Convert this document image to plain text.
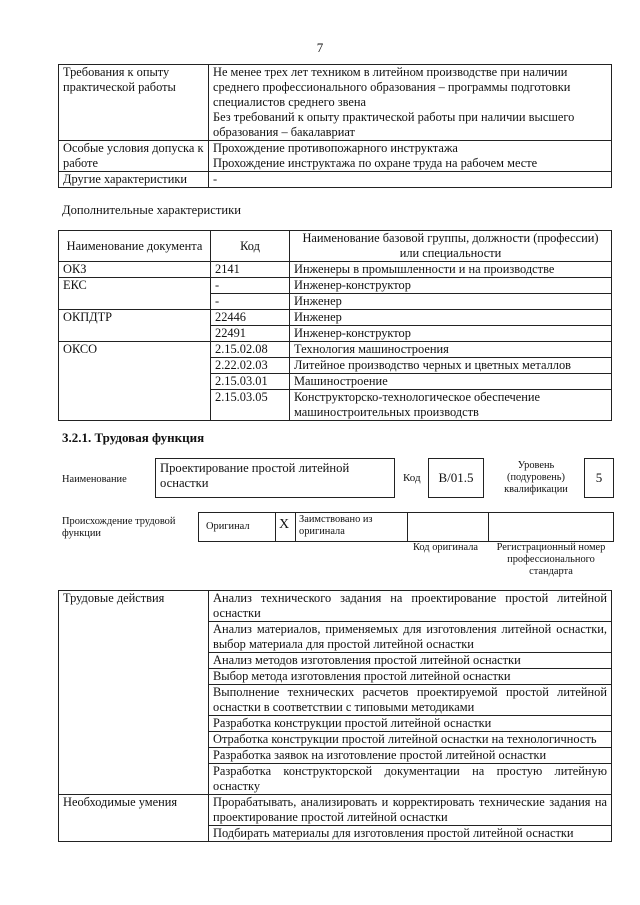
7
Требования к опыту практической работы	Не менее трех лет техником в литейном производстве при наличии среднего профессионального образования – программы подготовки специалистов среднего звена

Без требований к опыту практической работы при наличии высшего образования – бакалавриат

Особые условия допуска к работе	Прохождение противопожарного инструктажа

Прохождение инструктажа по охране труда на рабочем месте

Другие характеристики	-
Дополнительные характеристики
Наименование документа	Код	Наименование базовой группы, должности (профессии) или специальности
ОКЗ	2141	Инженеры в промышленности и на производстве
ЕКС	-	Инженер-конструктор
	-	Инженер
ОКПДТР	22446	Инженер
	22491	Инженер-конструктор
ОКСО	2.15.02.08	Технология машиностроения
	2.22.02.03	Литейное производство черных и цветных металлов
	2.15.03.01	Машиностроение
	2.15.03.05	Конструкторско-технологическое обеспечение машиностроительных производств
3.2.1. Трудовая функция
Наименование
Проектирование простой литейной оснастки	Код	B/01.5
Уровень (подуровень) квалификации
5
Происхождение трудовой функции
Оригинал X Заимствовано из оригинала
Код оригинала	Регистрационный номер профессионального стандарта
Трудовые действия	Анализ технического задания на проектирование простой литейной оснастки
	Анализ материалов, применяемых для изготовления литейной оснастки, выбор материала для простой литейной оснастки
	Анализ методов изготовления простой литейной оснастки
	Выбор метода изготовления простой литейной оснастки
	Выполнение технических расчетов проектируемой простой литейной оснастки в соответствии с типовыми методиками
	Разработка конструкции простой литейной оснастки
	Отработка конструкции простой литейной оснастки на технологичность
	Разработка заявок на изготовление простой литейной оснастки
	Разработка конструкторской документации на простую литейную оснастку
Необходимые умения	Прорабатывать, анализировать и корректировать технические задания на проектирование простой литейной оснастки
	Подбирать материалы для изготовления простой литейной оснастки
